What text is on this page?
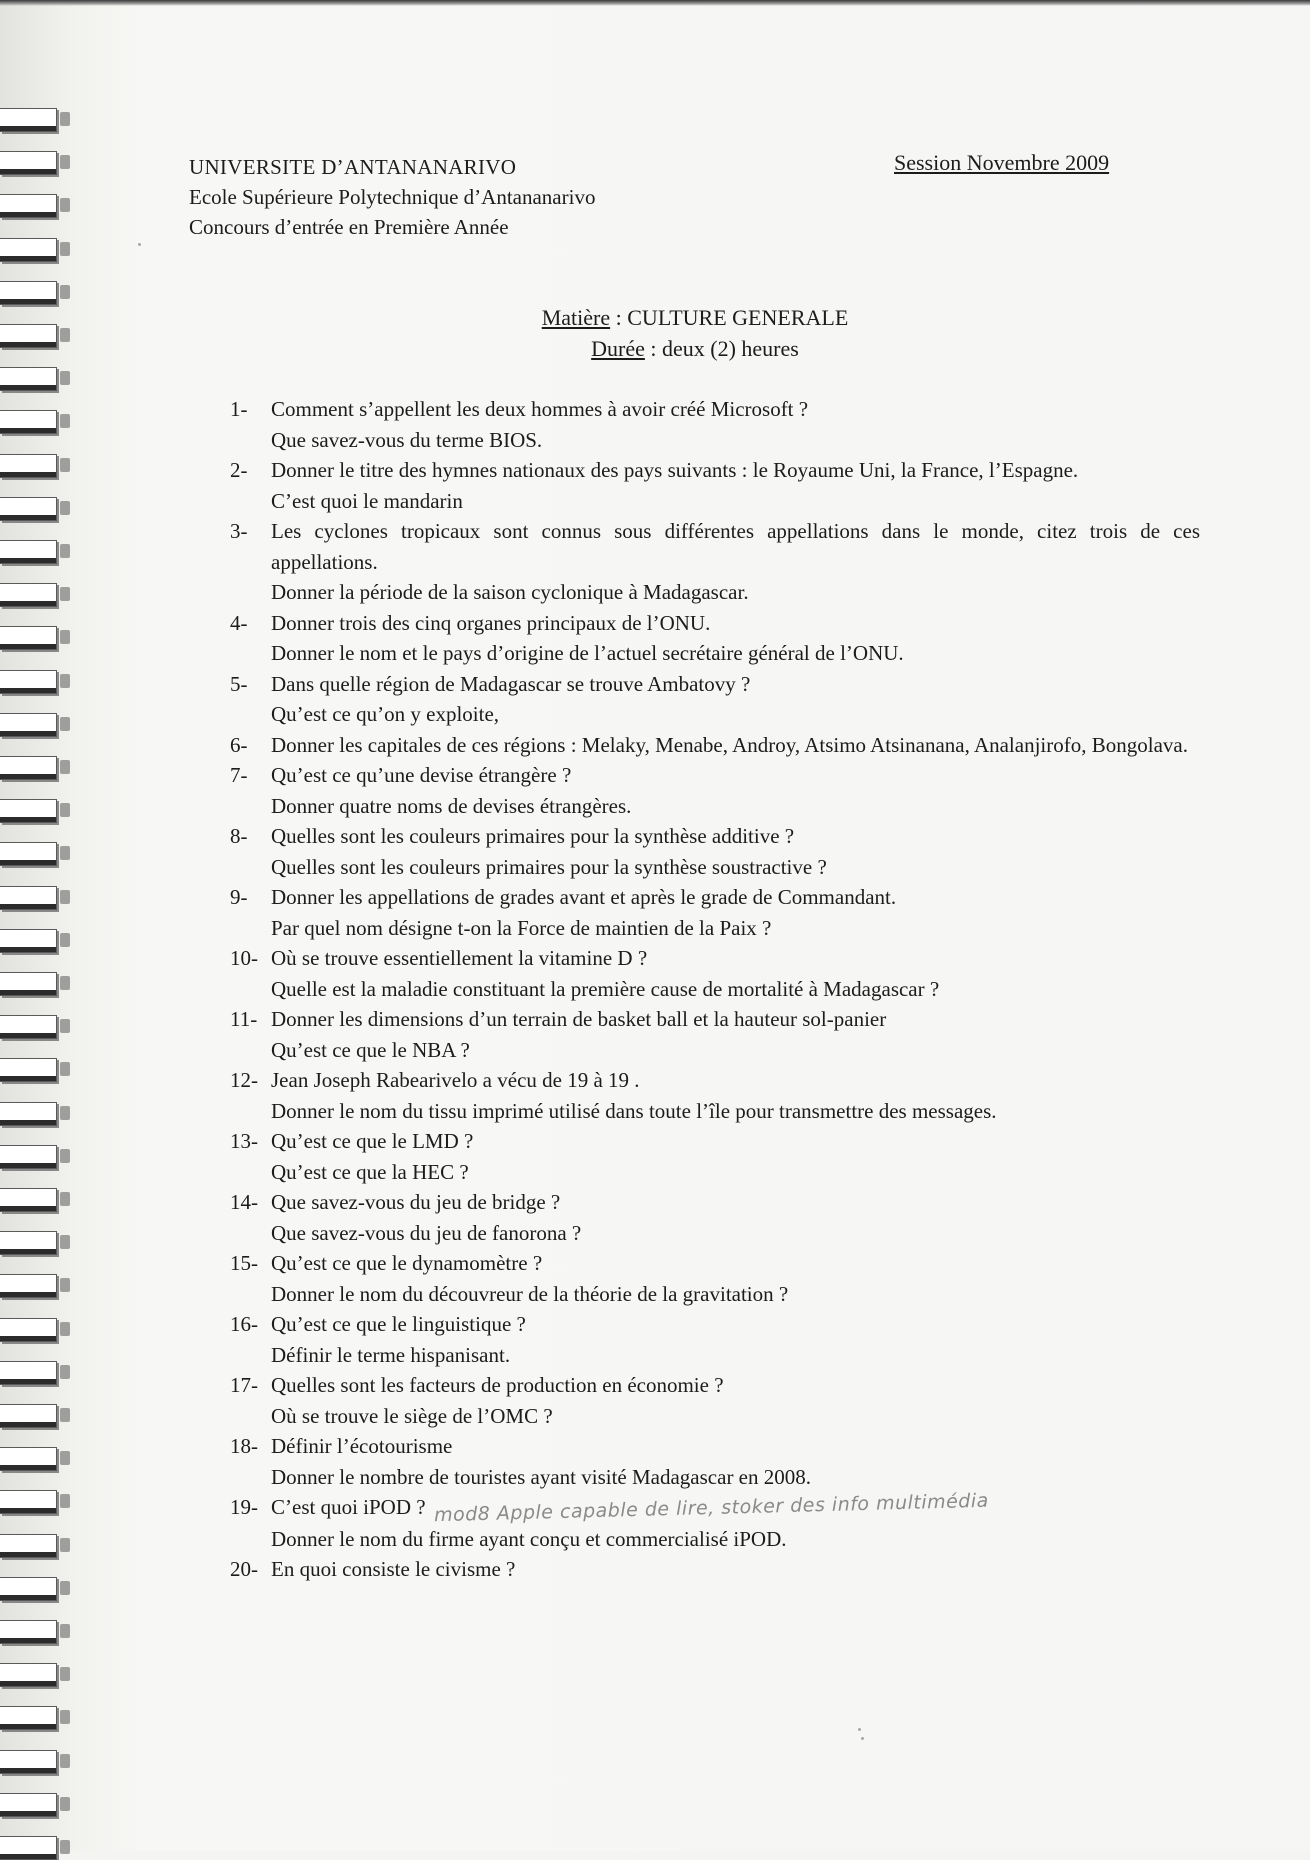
UNIVERSITE D’ANTANANARIVO
Ecole Supérieure Polytechnique d’Antananarivo
Concours d’entrée en Première Année
Session Novembre 2009
Matière : CULTURE GENERALE
Durée : deux (2) heures
1- Comment s’appellent les deux hommes à avoir créé Microsoft ?
Que savez-vous du terme BIOS.
2- Donner le titre des hymnes nationaux des pays suivants : le Royaume Uni, la France, l’Espagne.
C’est quoi le mandarin
3- Les cyclones tropicaux sont connus sous différentes appellations dans le monde, citez trois de ces appellations.
Donner la période de la saison cyclonique à Madagascar.
4- Donner trois des cinq organes principaux de l’ONU.
Donner le nom et le pays d’origine de l’actuel secrétaire général de l’ONU.
5- Dans quelle région de Madagascar se trouve Ambatovy ?
Qu’est ce qu’on y exploite,
6- Donner les capitales de ces régions : Melaky, Menabe, Androy, Atsimo Atsinanana, Analanjirofo, Bongolava.
7- Qu’est ce qu’une devise étrangère ?
Donner quatre noms de devises étrangères.
8- Quelles sont les couleurs primaires pour la synthèse additive ?
Quelles sont les couleurs primaires pour la synthèse soustractive ?
9- Donner les appellations de grades avant et après le grade de Commandant.
Par quel nom désigne t-on la Force de maintien de la Paix ?
10- Où se trouve essentiellement la vitamine D ?
Quelle est la maladie constituant la première cause de mortalité à Madagascar ?
11- Donner les dimensions d’un terrain de basket ball et la hauteur sol-panier
Qu’est ce que le NBA ?
12- Jean Joseph Rabearivelo a vécu de 19 à 19 .
Donner le nom du tissu imprimé utilisé dans toute l’île pour transmettre des messages.
13- Qu’est ce que le LMD ?
Qu’est ce que la HEC ?
14- Que savez-vous du jeu de bridge ?
Que savez-vous du jeu de fanorona ?
15- Qu’est ce que le dynamomètre ?
Donner le nom du découvreur de la théorie de la gravitation ?
16- Qu’est ce que le linguistique ?
Définir le terme hispanisant.
17- Quelles sont les facteurs de production en économie ?
Où se trouve le siège de l’OMC ?
18- Définir l’écotourisme
Donner le nombre de touristes ayant visité Madagascar en 2008.
19- C’est quoi iPOD ? mod8 Apple capable de lire, stoker des info multimédia
Donner le nom du firme ayant conçu et commercialisé iPOD.
20- En quoi consiste le civisme ?
